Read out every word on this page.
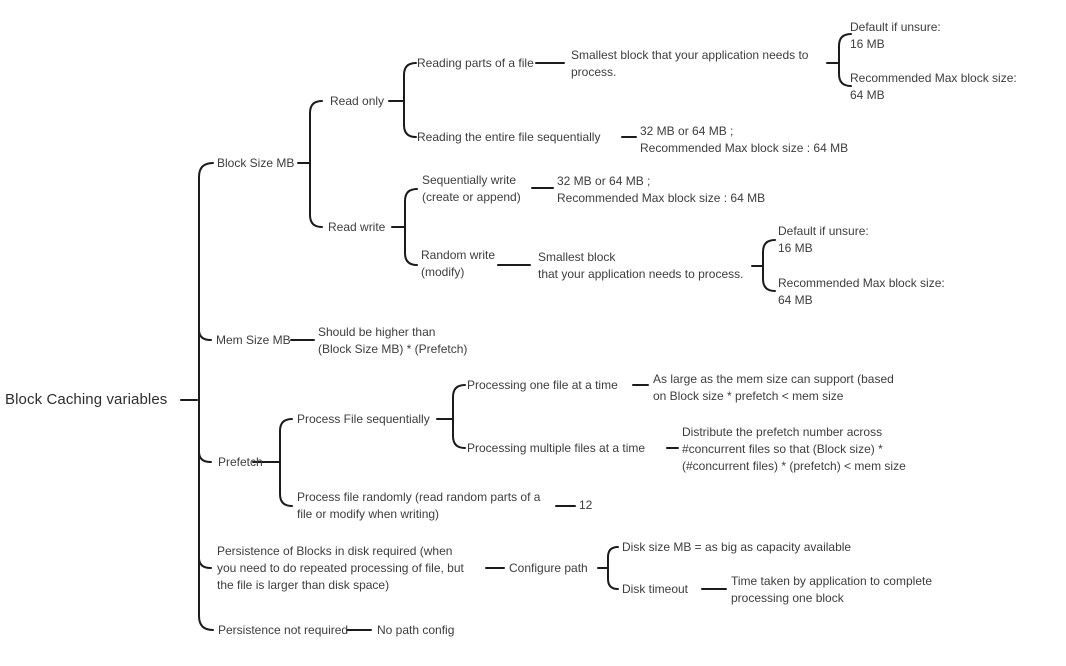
Block Caching variables
Block Size MB
Read only
Reading parts of a file
Smallest block that your application needs to
process.
Default if unsure:
16 MB
Recommended Max block size:
64 MB
Reading the entire file sequentially	32 MB or 64 MB ;
Recommended Max block size : 64 MB
Read write
Sequentially write
(create or append)
32 MB or 64 MB ;
Recommended Max block size : 64 MB
Random write
(modify)
Smallest block
that your application needs to process.
Default if unsure:
16 MB
Recommended Max block size:
64 MB
Mem Size MB
Should be higher than
(Block Size MB) * (Prefetch)
Prefetch
Process File sequentially
Processing one file at a time	As large as the mem size can support (based
on Block size * prefetch < mem size
Processing multiple files at a time
Distribute the prefetch number across
#concurrent files so that (Block size) *
(#concurrent files) * (prefetch) < mem size
Process file randomly (read random parts of a
file or modify when writing)
12
Persistence of Blocks in disk required (when
you need to do repeated processing of file, but
the file is larger than disk space)
Configure path
Disk size MB = as big as capacity available
Disk timeout
Time taken by application to complete
processing one block
Persistence not required No path config
